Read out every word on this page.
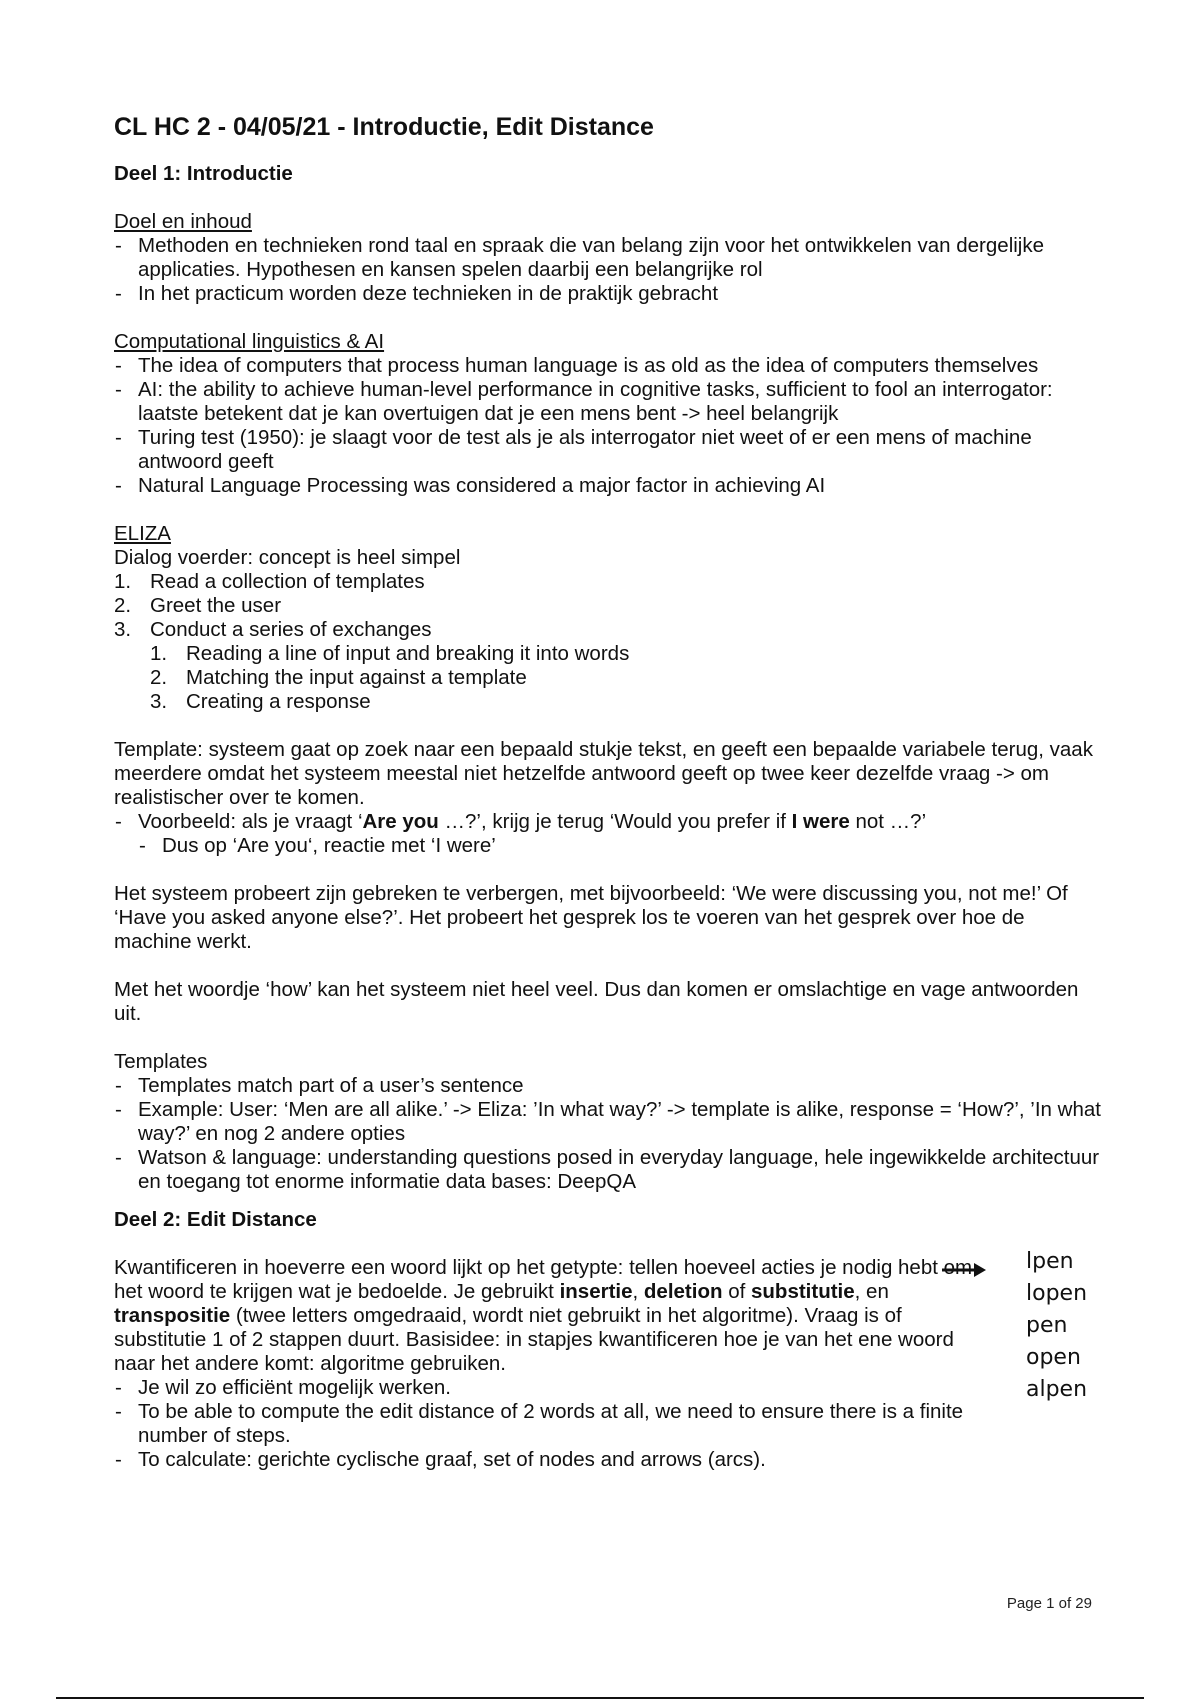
CL HC 2 - 04/05/21 - Introductie, Edit Distance
Deel 1: Introductie

Doel en inhoud

- Methoden en technieken rond taal en spraak die van belang zijn voor het ontwikkelen van dergelijke applicaties. Hypothesen en kansen spelen daarbij een belangrijke rol
- In het practicum worden deze technieken in de praktijk gebracht

Computational linguistics & AI

- The idea of computers that process human language is as old as the idea of computers themselves
- AI: the ability to achieve human-level performance in cognitive tasks, sufficient to fool an interrogator: laatste betekent dat je kan overtuigen dat je een mens bent -> heel belangrijk
- Turing test (1950): je slaagt voor de test als je als interrogator niet weet of er een mens of machine antwoord geeft
- Natural Language Processing was considered a major factor in achieving AI

ELIZA

Dialog voerder: concept is heel simpel

1. Read a collection of templates
2. Greet the user
3. Conduct a series of exchanges
1. Reading a line of input and breaking it into words
2. Matching the input against a template
3. Creating a response

Template: systeem gaat op zoek naar een bepaald stukje tekst, en geeft een bepaalde variabele terug, vaak meerdere omdat het systeem meestal niet hetzelfde antwoord geeft op twee keer dezelfde vraag -> om realistischer over te komen.

- Voorbeeld: als je vraagt ‘Are you …?’, krijg je terug ‘Would you prefer if I were not …?’
- Dus op ‘Are you‘, reactie met ‘I were’

Het systeem probeert zijn gebreken te verbergen, met bijvoorbeeld: ‘We were discussing you, not me!’ Of ‘Have you asked anyone else?’. Het probeert het gesprek los te voeren van het gesprek over hoe de machine werkt.

Met het woordje ‘how’ kan het systeem niet heel veel. Dus dan komen er omslachtige en vage antwoorden uit.

Templates

- Templates match part of a user’s sentence
- Example: User: ‘Men are all alike.’ -> Eliza: ’In what way?’ -> template is alike, response = ‘How?’, ’In what way?’ en nog 2 andere opties
- Watson & language: understanding questions posed in everyday language, hele ingewikkelde architectuur en toegang tot enorme informatie data bases: DeepQA
Deel 2: Edit Distance

Kwantificeren in hoeverre een woord lijkt op het getypte: tellen hoeveel acties je nodig hebt om het woord te krijgen wat je bedoelde. Je gebruikt insertie, deletion of substitutie, en transpositie (twee letters omgedraaid, wordt niet gebruikt in het algoritme). Vraag is of substitutie 1 of 2 stappen duurt. Basisidee: in stapjes kwantificeren hoe je van het ene woord naar het andere komt: algoritme gebruiken.

- Je wil zo efficiënt mogelijk werken.
- To be able to compute the edit distance of 2 words at all, we need to ensure there is a finite number of steps.
- To calculate: gerichte cyclische graaf, set of nodes and arrows (arcs).
lpen
lopen
pen
open
alpen
Page 1 of 29
